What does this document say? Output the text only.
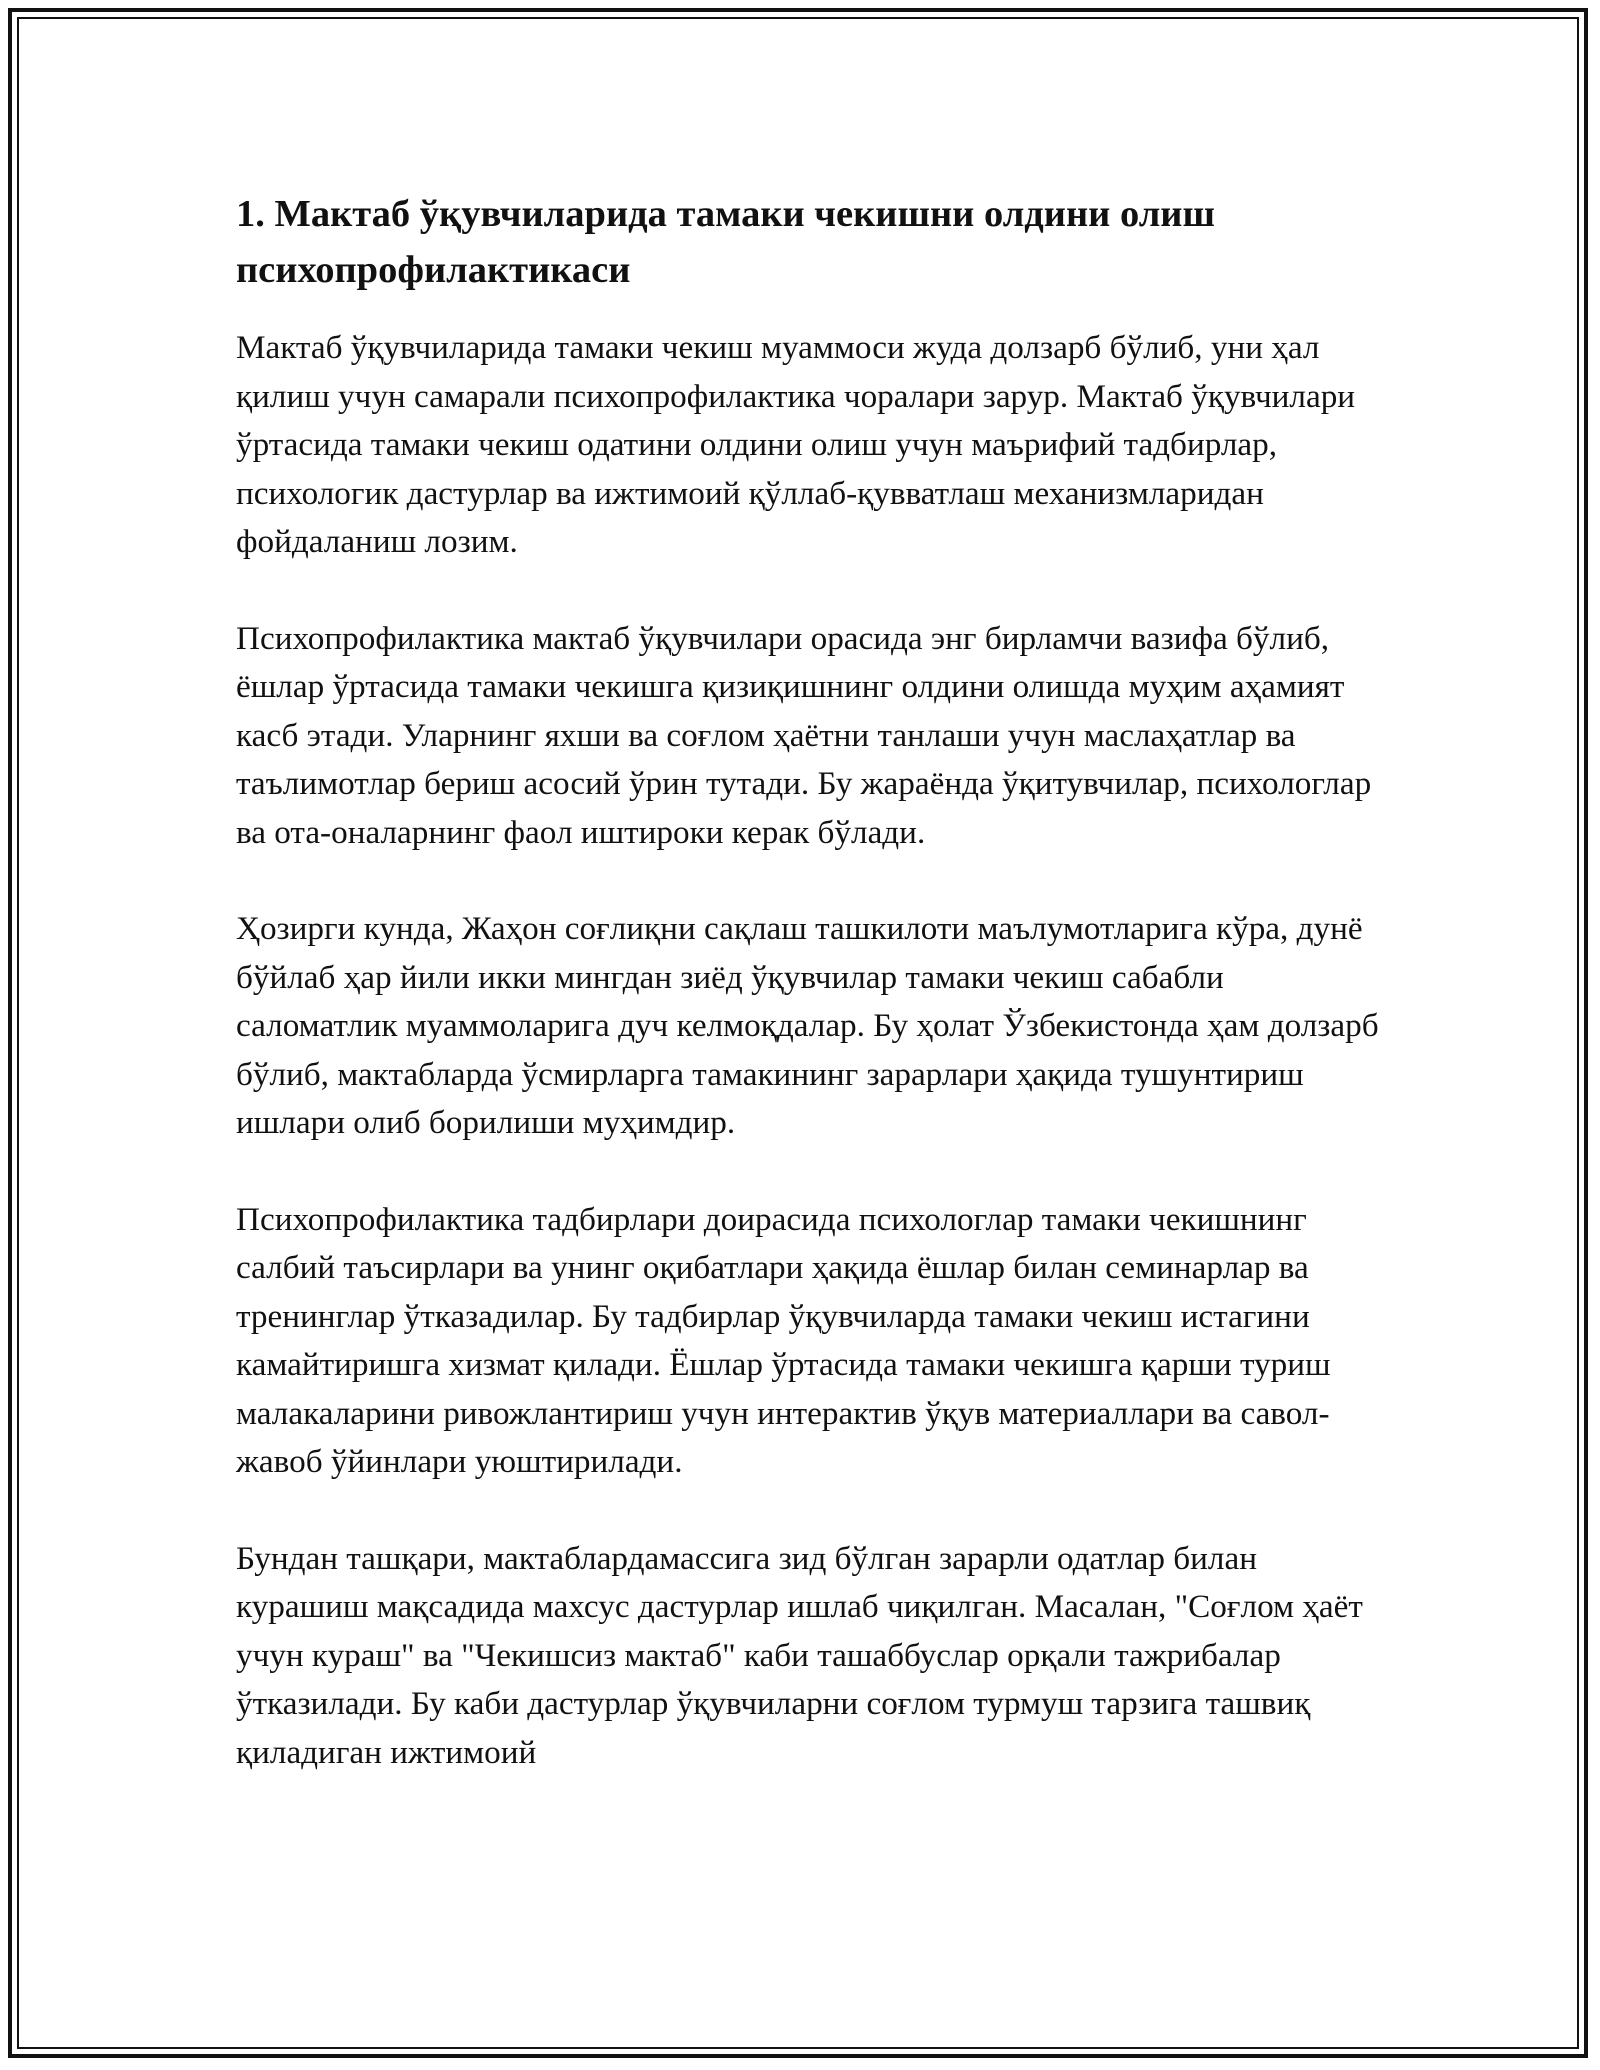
1. Мактаб ўқувчиларида тамаки чекишни олдини олиш психопрофилактикаси

Мактаб ўқувчиларида тамаки чекиш муаммоси жуда долзарб бўлиб, уни ҳал қилиш учун самарали психопрофилактика чоралари зарур. Мактаб ўқувчилари ўртасида тамаки чекиш одатини олдини олиш учун маърифий тадбирлар, психологик дастурлар ва ижтимоий қўллаб-қувватлаш механизмларидан фойдаланиш лозим.

Психопрофилактика мактаб ўқувчилари орасида энг бирламчи вазифа бўлиб, ёшлар ўртасида тамаки чекишга қизиқишнинг олдини олишда муҳим аҳамият касб этади. Уларнинг яхши ва соғлом ҳаётни танлаши учун маслаҳатлар ва таълимотлар бериш асосий ўрин тутади. Бу жараёнда ўқитувчилар, психологлар ва ота-оналарнинг фаол иштироки керак бўлади.

Ҳозирги кунда, Жаҳон соғлиқни сақлаш ташкилоти маълумотларига кўра, дунё бўйлаб ҳар йили икки мингдан зиёд ўқувчилар тамаки чекиш сабабли саломатлик муаммоларига дуч келмоқдалар. Бу ҳолат Ўзбекистонда ҳам долзарб бўлиб, мактабларда ўсмирларга тамакининг зарарлари ҳақида тушунтириш ишлари олиб борилиши муҳимдир.

Психопрофилактика тадбирлари доирасида психологлар тамаки чекишнинг салбий таъсирлари ва унинг оқибатлари ҳақида ёшлар билан семинарлар ва тренинглар ўтказадилар. Бу тадбирлар ўқувчиларда тамаки чекиш истагини камайтиришга хизмат қилади. Ёшлар ўртасида тамаки чекишга қарши туриш малакаларини ривожлантириш учун интерактив ўқув материаллари ва савол-жавоб ўйинлари уюштирилади.

Бундан ташқари, мактаблардамассига зид бўлган зарарли одатлар билан курашиш мақсадида махсус дастурлар ишлаб чиқилган. Масалан, "Соғлом ҳаёт учун кураш" ва "Чекишсиз мактаб" каби ташаббуслар орқали тажрибалар ўтказилади. Бу каби дастурлар ўқувчиларни соғлом турмуш тарзига ташвиқ қиладиган ижтимоий
